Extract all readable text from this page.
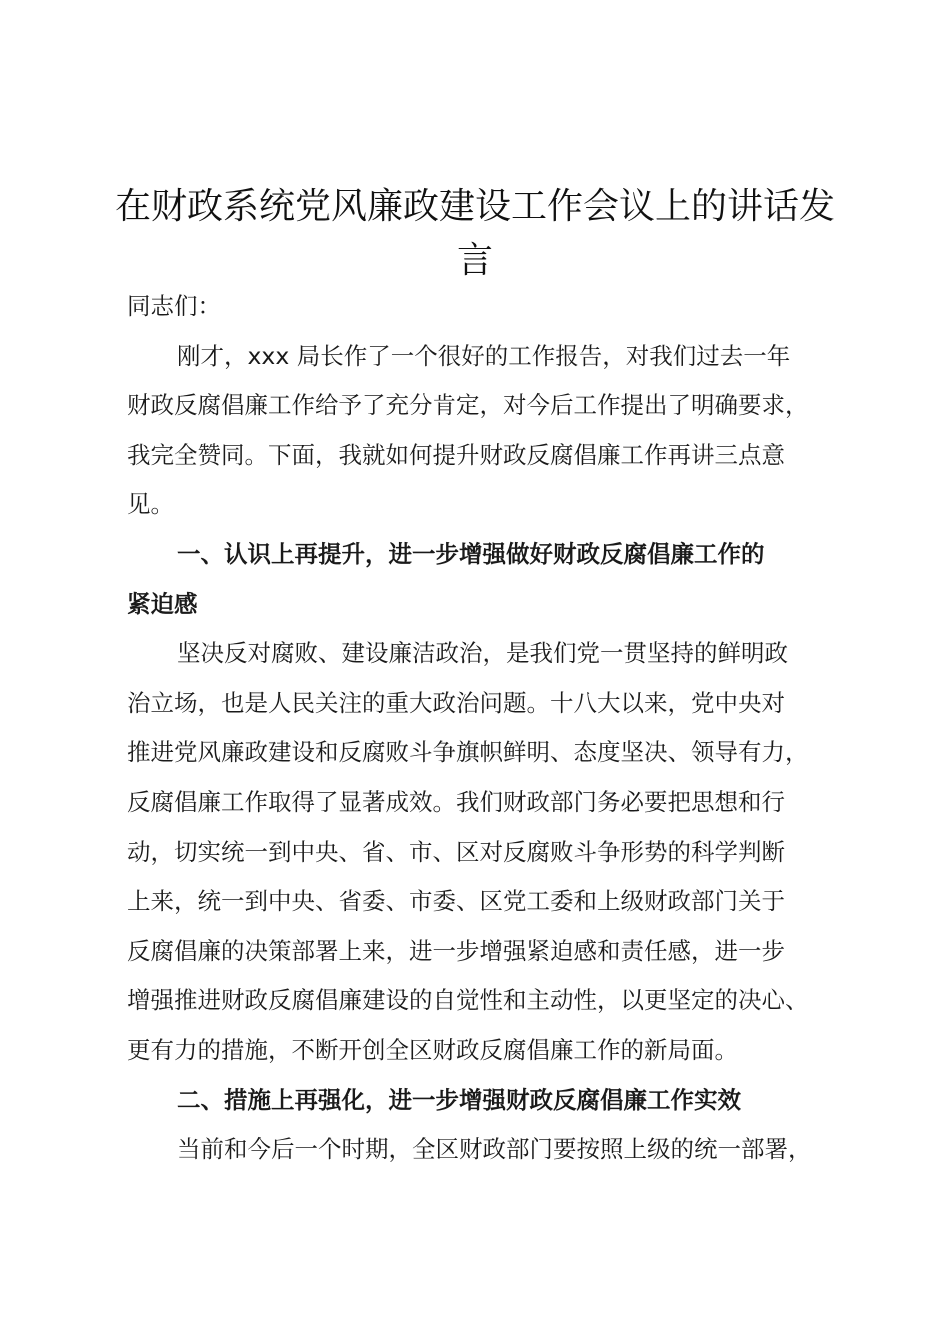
在财政系统党风廉政建设工作会议上的讲话发
言
同志们：
刚才，xxx 局长作了一个很好的工作报告，对我们过去一年
财政反腐倡廉工作给予了充分肯定，对今后工作提出了明确要求，
我完全赞同。下面，我就如何提升财政反腐倡廉工作再讲三点意
见。
一、认识上再提升，进一步增强做好财政反腐倡廉工作的
紧迫感
坚决反对腐败、建设廉洁政治，是我们党一贯坚持的鲜明政
治立场，也是人民关注的重大政治问题。十八大以来，党中央对
推进党风廉政建设和反腐败斗争旗帜鲜明、态度坚决、领导有力，
反腐倡廉工作取得了显著成效。我们财政部门务必要把思想和行
动，切实统一到中央、省、市、区对反腐败斗争形势的科学判断
上来，统一到中央、省委、市委、区党工委和上级财政部门关于
反腐倡廉的决策部署上来，进一步增强紧迫感和责任感，进一步
增强推进财政反腐倡廉建设的自觉性和主动性，以更坚定的决心、
更有力的措施，不断开创全区财政反腐倡廉工作的新局面。
二、措施上再强化，进一步增强财政反腐倡廉工作实效
当前和今后一个时期，全区财政部门要按照上级的统一部署，
